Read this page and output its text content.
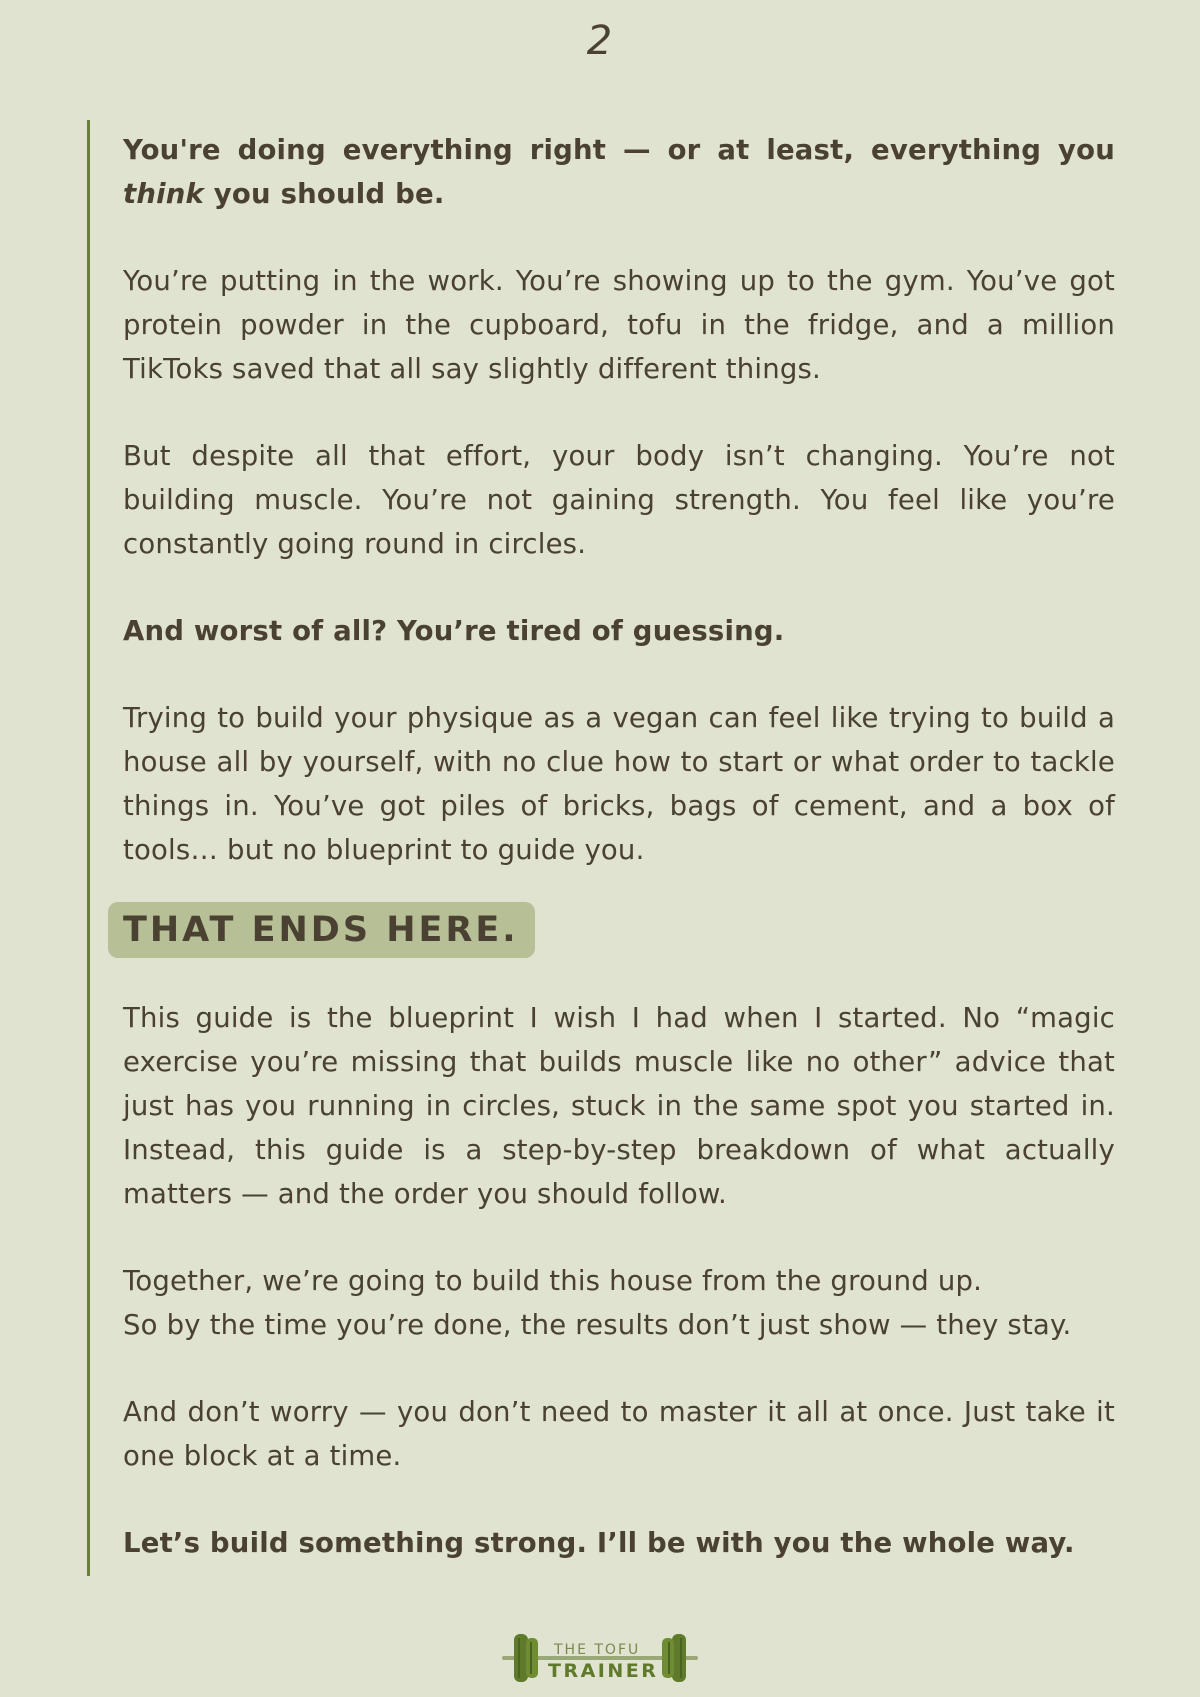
2

You're doing everything right — or at least, everything you think you should be.

You’re putting in the work. You’re showing up to the gym. You’ve got protein powder in the cupboard, tofu in the fridge, and a million TikToks saved that all say slightly different things.

But despite all that effort, your body isn’t changing. You’re not building muscle. You’re not gaining strength. You feel like you’re constantly going round in circles.

And worst of all? You’re tired of guessing.

Trying to build your physique as a vegan can feel like trying to build a house all by yourself, with no clue how to start or what order to tackle things in. You’ve got piles of bricks, bags of cement, and a box of tools… but no blueprint to guide you.

THAT ENDS HERE.

This guide is the blueprint I wish I had when I started. No “magic exercise you’re missing that builds muscle like no other” advice that just has you running in circles, stuck in the same spot you started in. Instead, this guide is a step-by-step breakdown of what actually matters — and the order you should follow.

Together, we’re going to build this house from the ground up.

So by the time you’re done, the results don’t just show — they stay.

And don’t worry — you don’t need to master it all at once. Just take it one block at a time.

Let’s build something strong. I’ll be with you the whole way.

THE TOFU
TRAINER
